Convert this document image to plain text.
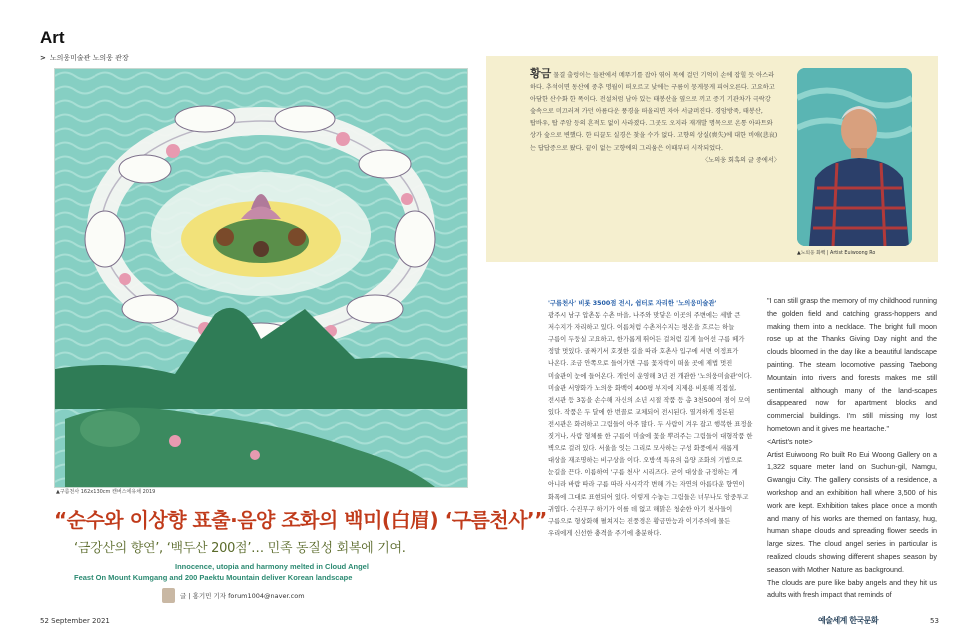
Art
> 노의웅미술관 노의웅 관장
▲구름천사 162x130cm 캔버스에유채 2019
“순수와 이상향 표출·음양 조화의 백미(白眉) ‘구름천사’”
‘금강산의 향연’, ‘백두산 200점’… 민족 동질성 회복에 기여.
Innocence, utopia and harmony melted in Cloud Angel
Feast On Mount Kumgang and 200 Paektu Mountain deliver Korean landscape
글 | 홍기민 기자 forum1004@naver.com
황금 물결 출렁이는 들판에서 메뚜기를 잡아 엮어 목에 걸던 기억이 손에 잡힐 듯 아스라 하다. 추석이면 동산에 중추 명월이 떠오르고 낮에는 구름이 뭉게뭉게 피어오른다. 고요하고 아담한 산수화 한 폭이다. 전설처럼 남아 있는 태봉산을 옆으로 끼고 증기 기관차가 극락강 숲속으로 미끄러져 가던 아름다운 풍경을 떠올리면 자아 서글퍼진다. 경암방죽, 태봉산, 탑바우, 탑 주암 등의 흔적도 없이 사라졌다. 그곳도 오지라 재개발 명목으로 온통 아파트와 상가 숲으로 변했다. 한 티끌도 실경은 찾을 수가 없다. 고향의 상실(喪失)에 대한 비애(悲哀)는 답답증으로 왔다. 끝이 없는 고향에의 그리움은 이때부터 시작되었다.
〈노의웅 회혹의 글 중에서〉
▲노의웅 화백 | Artist Euiwoong Ro
'구름천사' 비롯 3500점 전시, 쉼터로 자리한 '노의웅미술관'
광주시 남구 압촌동 수촌 마을, 나주와 맞닿은 이곳의 주변에는 세발 큰 저수지가 자리하고 있다. 이름처럼 수촌저수지는 평온을 흐르는 하늘 구름이 두둥실 고요하고, 한가롭게 뛰어든 걸처럼 길게 늘어선 구름 떼가 정말 멋있다. 골짜기서 호젓한 길을 따라 호촌사 입구에 서면 이정표가 나온다. 조금 안쪽으로 들어가면 구름 꽃자락이 떠올 곳에 제법 멋진 미술관이 눈에 들어온다. 개인이 운영해 3년 전 개관한 '노의웅미술관'이다. 미술관 서양화가 노의웅 화백이 400평 부지에 지제용 비롯해 직접설, 전시관 등 3동을 손수해 자신의 소년 시절 작품 등 총 3천500여 점이 모여 있다. 작품은 두 달에 한 번꼴로 교체되어 전시된다. 열겨하게 정돈된 전시관은 화려하고 그림들이 아주 많다. 두 사람이 겨우 잡고 행복한 표정을 짓거나, 사람 형체를 한 구름이 미술에 꽃을 뿌려주는 그림들이 대형작품 한 벽으로 걸려 있다. 서울을 잇는 그리로 모사하는 구성 화풍에서 새롭게 대상을 재조명하는 비구상을 이다. 오방색 특유의 음양 조화의 기법으로 눈길을 끈다. 이름하여 '구름 천사' 시리즈다. 굳이 대상을 규정하는 게 아니라 바람 따라 구름 따라 사시각각 변해 가는 자연의 아름다운 향연이 화폭에 그대로 표현되어 있다. 이렇게 수놓는 그림들은 너무나도 암중투고 귀엽다. 수진무구 하기가 이를 데 없고 해맑은 청순한 아기 천사들이 구름으로 형상화해 펼쳐지는 진풍경은 황금만능과 이기주의에 물든 우리에게 신선한 충격을 주기에 충분하다.

"I can still grasp the memory of my childhood running the golden field and catching grass-hoppers and making them into a necklace. The bright full moon rose up at the Thanks Giving Day night and the clouds bloomed in the day like a beautiful landscape painting. The steam locomotive passing Taebong Mountain into rivers and forests makes me still sentimental although many of the land-scapes disappeared now for apartment blocks and commercial buildings. I'm still missing my lost hometown and it gives me heartache."

<Artist's note>

Artist Euiwoong Ro built Ro Eui Woong Gallery on a 1,322 square meter land on Suchun-gil, Namgu, Gwangju City. The gallery consists of a residence, a workshop and an exhibition hall where 3,500 of his work are kept. Exhibition takes place once a month and many of his works are themed on fantasy, hug, human shape clouds and spreading flower seeds in large sizes. The cloud angel series in particular is realized clouds showing different shapes season by season with Mother Nature as background.

The clouds are pure like baby angels and they hit us adults with fresh impact that reminds of

52 September 2021	예술세계 한국문화	53
